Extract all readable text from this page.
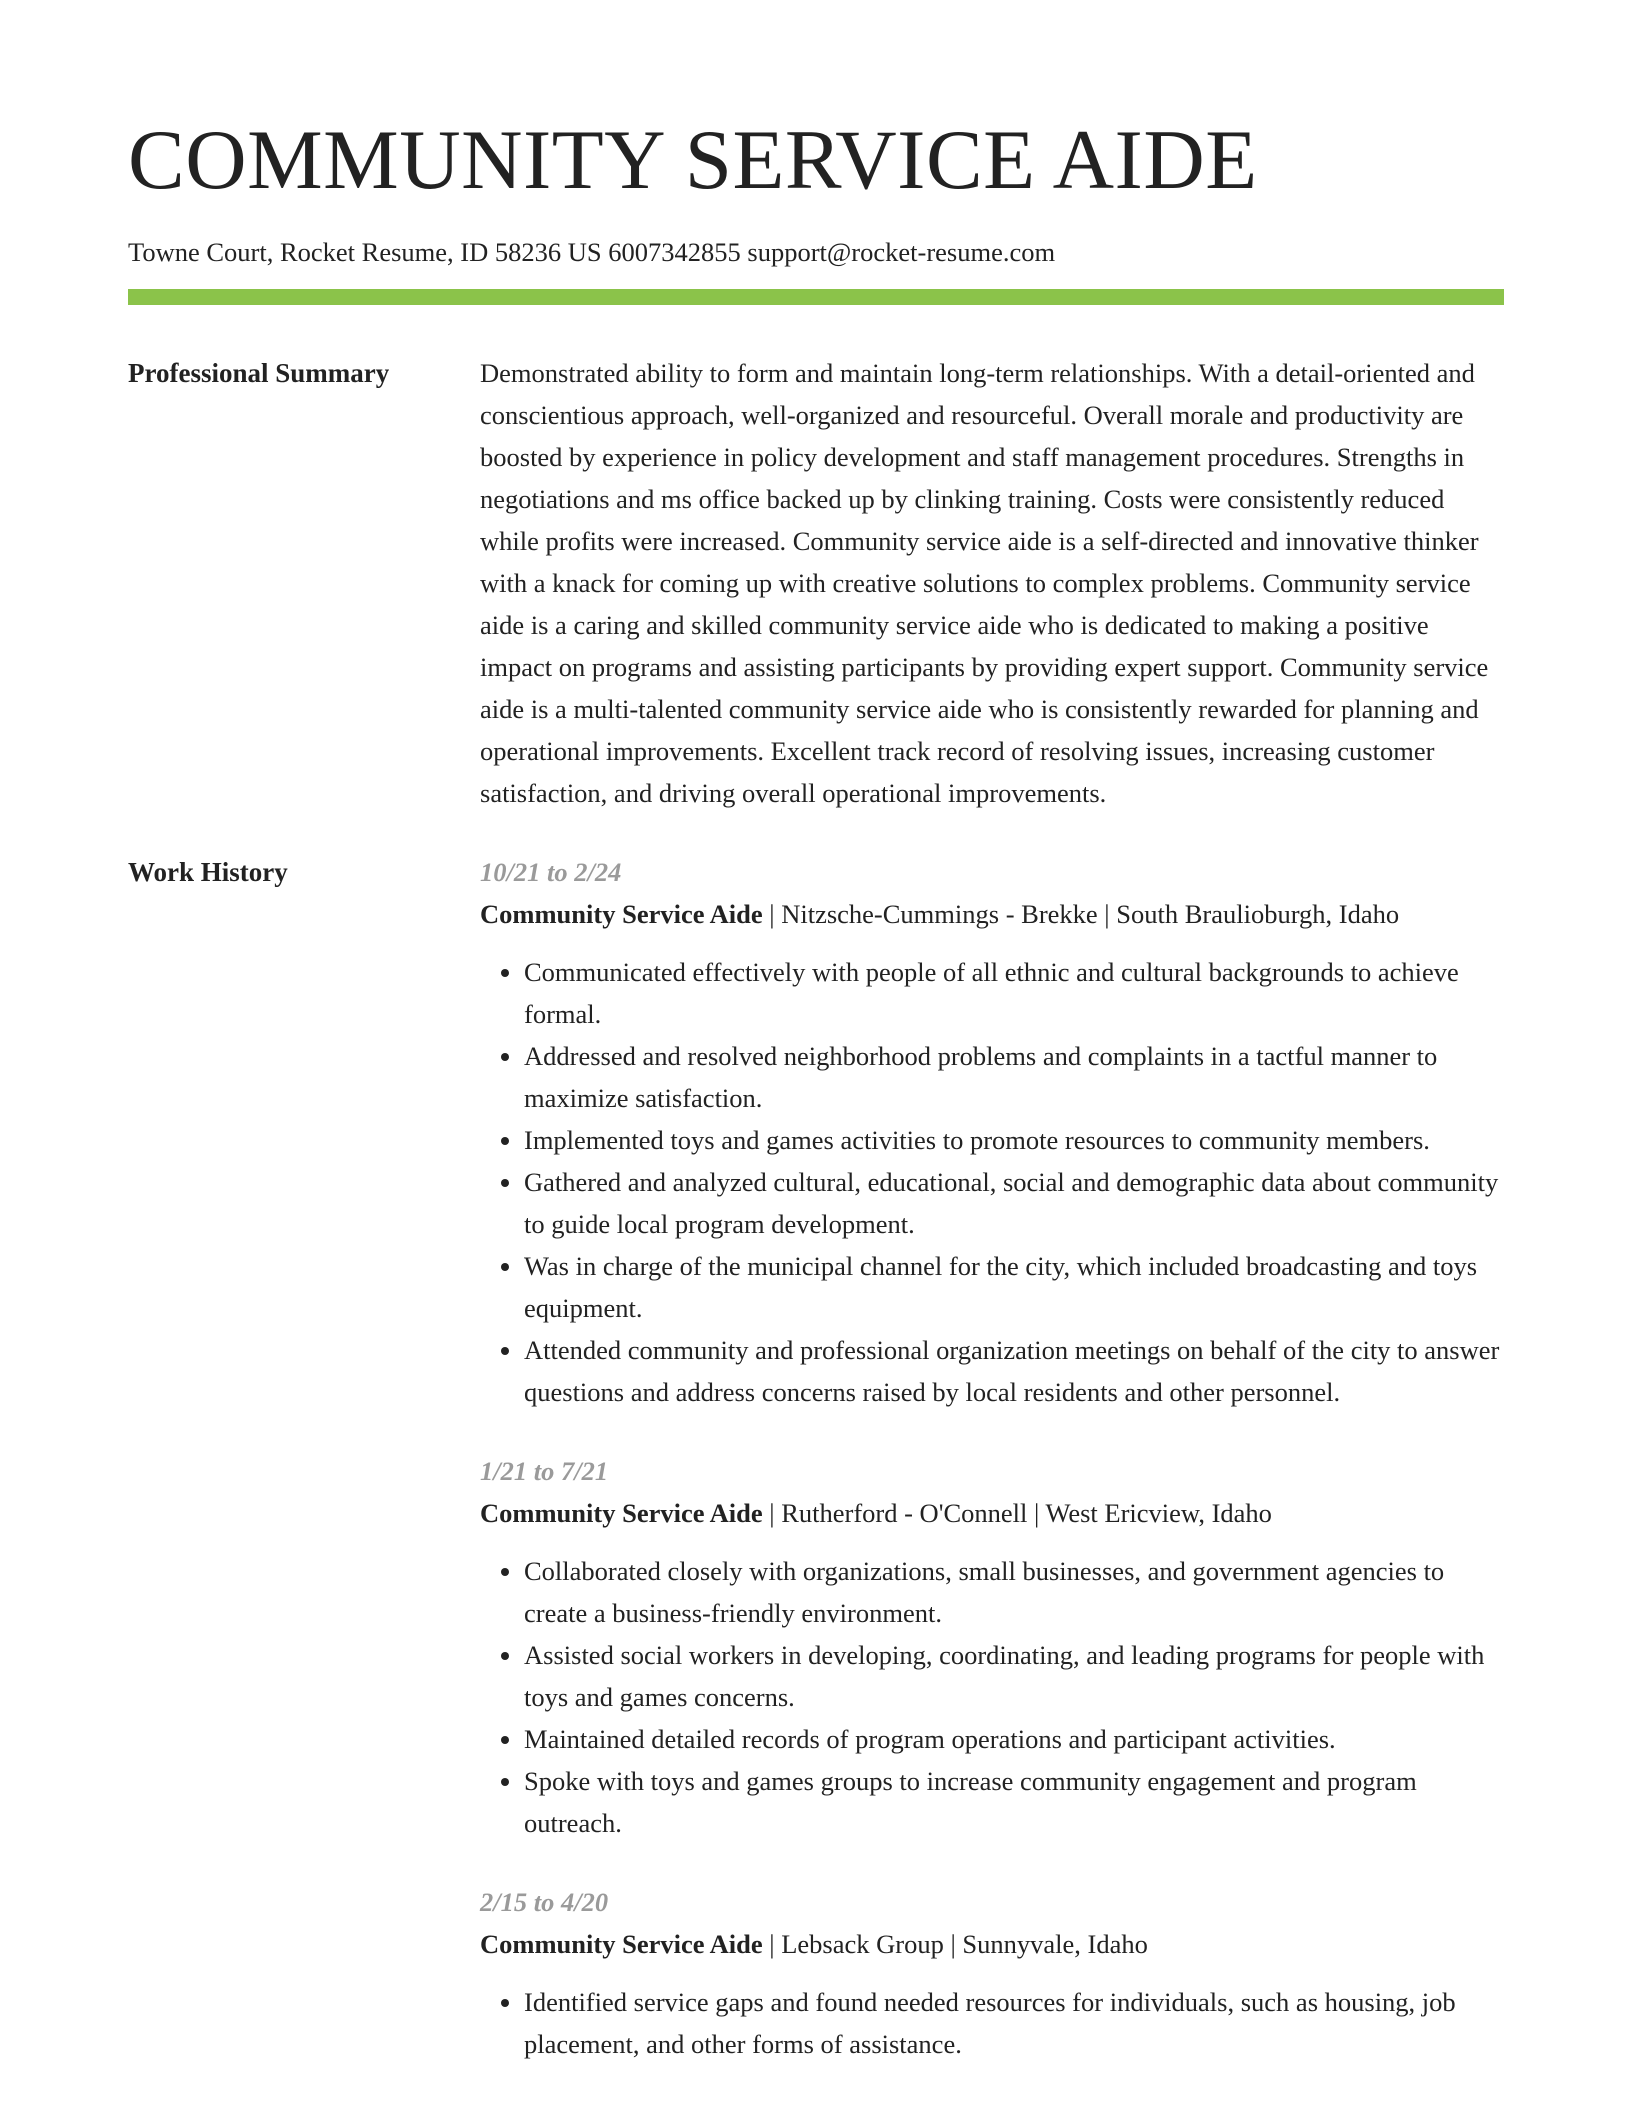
COMMUNITY SERVICE AIDE
Towne Court, Rocket Resume, ID 58236 US 6007342855 support@rocket-resume.com
Professional Summary	Demonstrated ability to form and maintain long-term relationships. With a detail-oriented and conscientious approach, well-organized and resourceful. Overall morale and productivity are boosted by experience in policy development and staff management procedures. Strengths in negotiations and ms office backed up by clinking training. Costs were consistently reduced while profits were increased. Community service aide is a self-directed and innovative thinker with a knack for coming up with creative solutions to complex problems. Community service aide is a caring and skilled community service aide who is dedicated to making a positive impact on programs and assisting participants by providing expert support. Community service aide is a multi-talented community service aide who is consistently rewarded for planning and operational improvements. Excellent track record of resolving issues, increasing customer satisfaction, and driving overall operational improvements.

Work History	10/21 to 2/24
Community Service Aide | Nitzsche-Cummings - Brekke | South Braulioburgh, Idaho
• Communicated effectively with people of all ethnic and cultural backgrounds to achieve formal.
• Addressed and resolved neighborhood problems and complaints in a tactful manner to maximize satisfaction.
• Implemented toys and games activities to promote resources to community members.
• Gathered and analyzed cultural, educational, social and demographic data about community to guide local program development.
• Was in charge of the municipal channel for the city, which included broadcasting and toys equipment.
• Attended community and professional organization meetings on behalf of the city to answer questions and address concerns raised by local residents and other personnel.
1/21 to 7/21
Community Service Aide | Rutherford - O'Connell | West Ericview, Idaho
• Collaborated closely with organizations, small businesses, and government agencies to create a business-friendly environment.
• Assisted social workers in developing, coordinating, and leading programs for people with toys and games concerns.
• Maintained detailed records of program operations and participant activities.
• Spoke with toys and games groups to increase community engagement and program outreach.
2/15 to 4/20
Community Service Aide | Lebsack Group | Sunnyvale, Idaho
• Identified service gaps and found needed resources for individuals, such as housing, job placement, and other forms of assistance.
